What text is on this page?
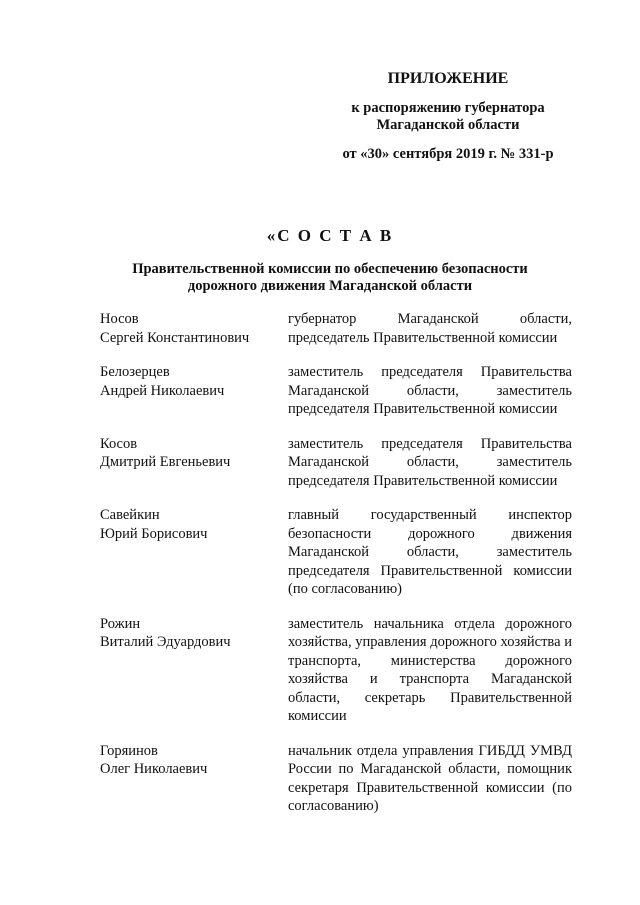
ПРИЛОЖЕНИЕ
к распоряжению губернатора
Магаданской области
от «30» сентября 2019 г. № 331-р
«С О С Т А В
Правительственной комиссии по обеспечению безопасности
дорожного движения Магаданской области
Носов
Сергей Константинович
губернатор Магаданской области, председатель Правительственной комиссии
Белозерцев
Андрей Николаевич
заместитель председателя Правительства Магаданской области, заместитель председателя Правительственной комиссии
Косов
Дмитрий Евгеньевич
заместитель председателя Правительства Магаданской области, заместитель председателя Правительственной комиссии
Савейкин
Юрий Борисович
главный государственный инспектор безопасности дорожного движения Магаданской области, заместитель председателя Правительственной комиссии (по согласованию)
Рожин
Виталий Эдуардович
заместитель начальника отдела дорожного хозяйства, управления дорожного хозяйства и транспорта, министерства дорожного хозяйства и транспорта Магаданской области, секретарь Правительственной комиссии
Горяинов
Олег Николаевич
начальник отдела управления ГИБДД УМВД России по Магаданской области, помощник секретаря Правительственной комиссии (по согласованию)
